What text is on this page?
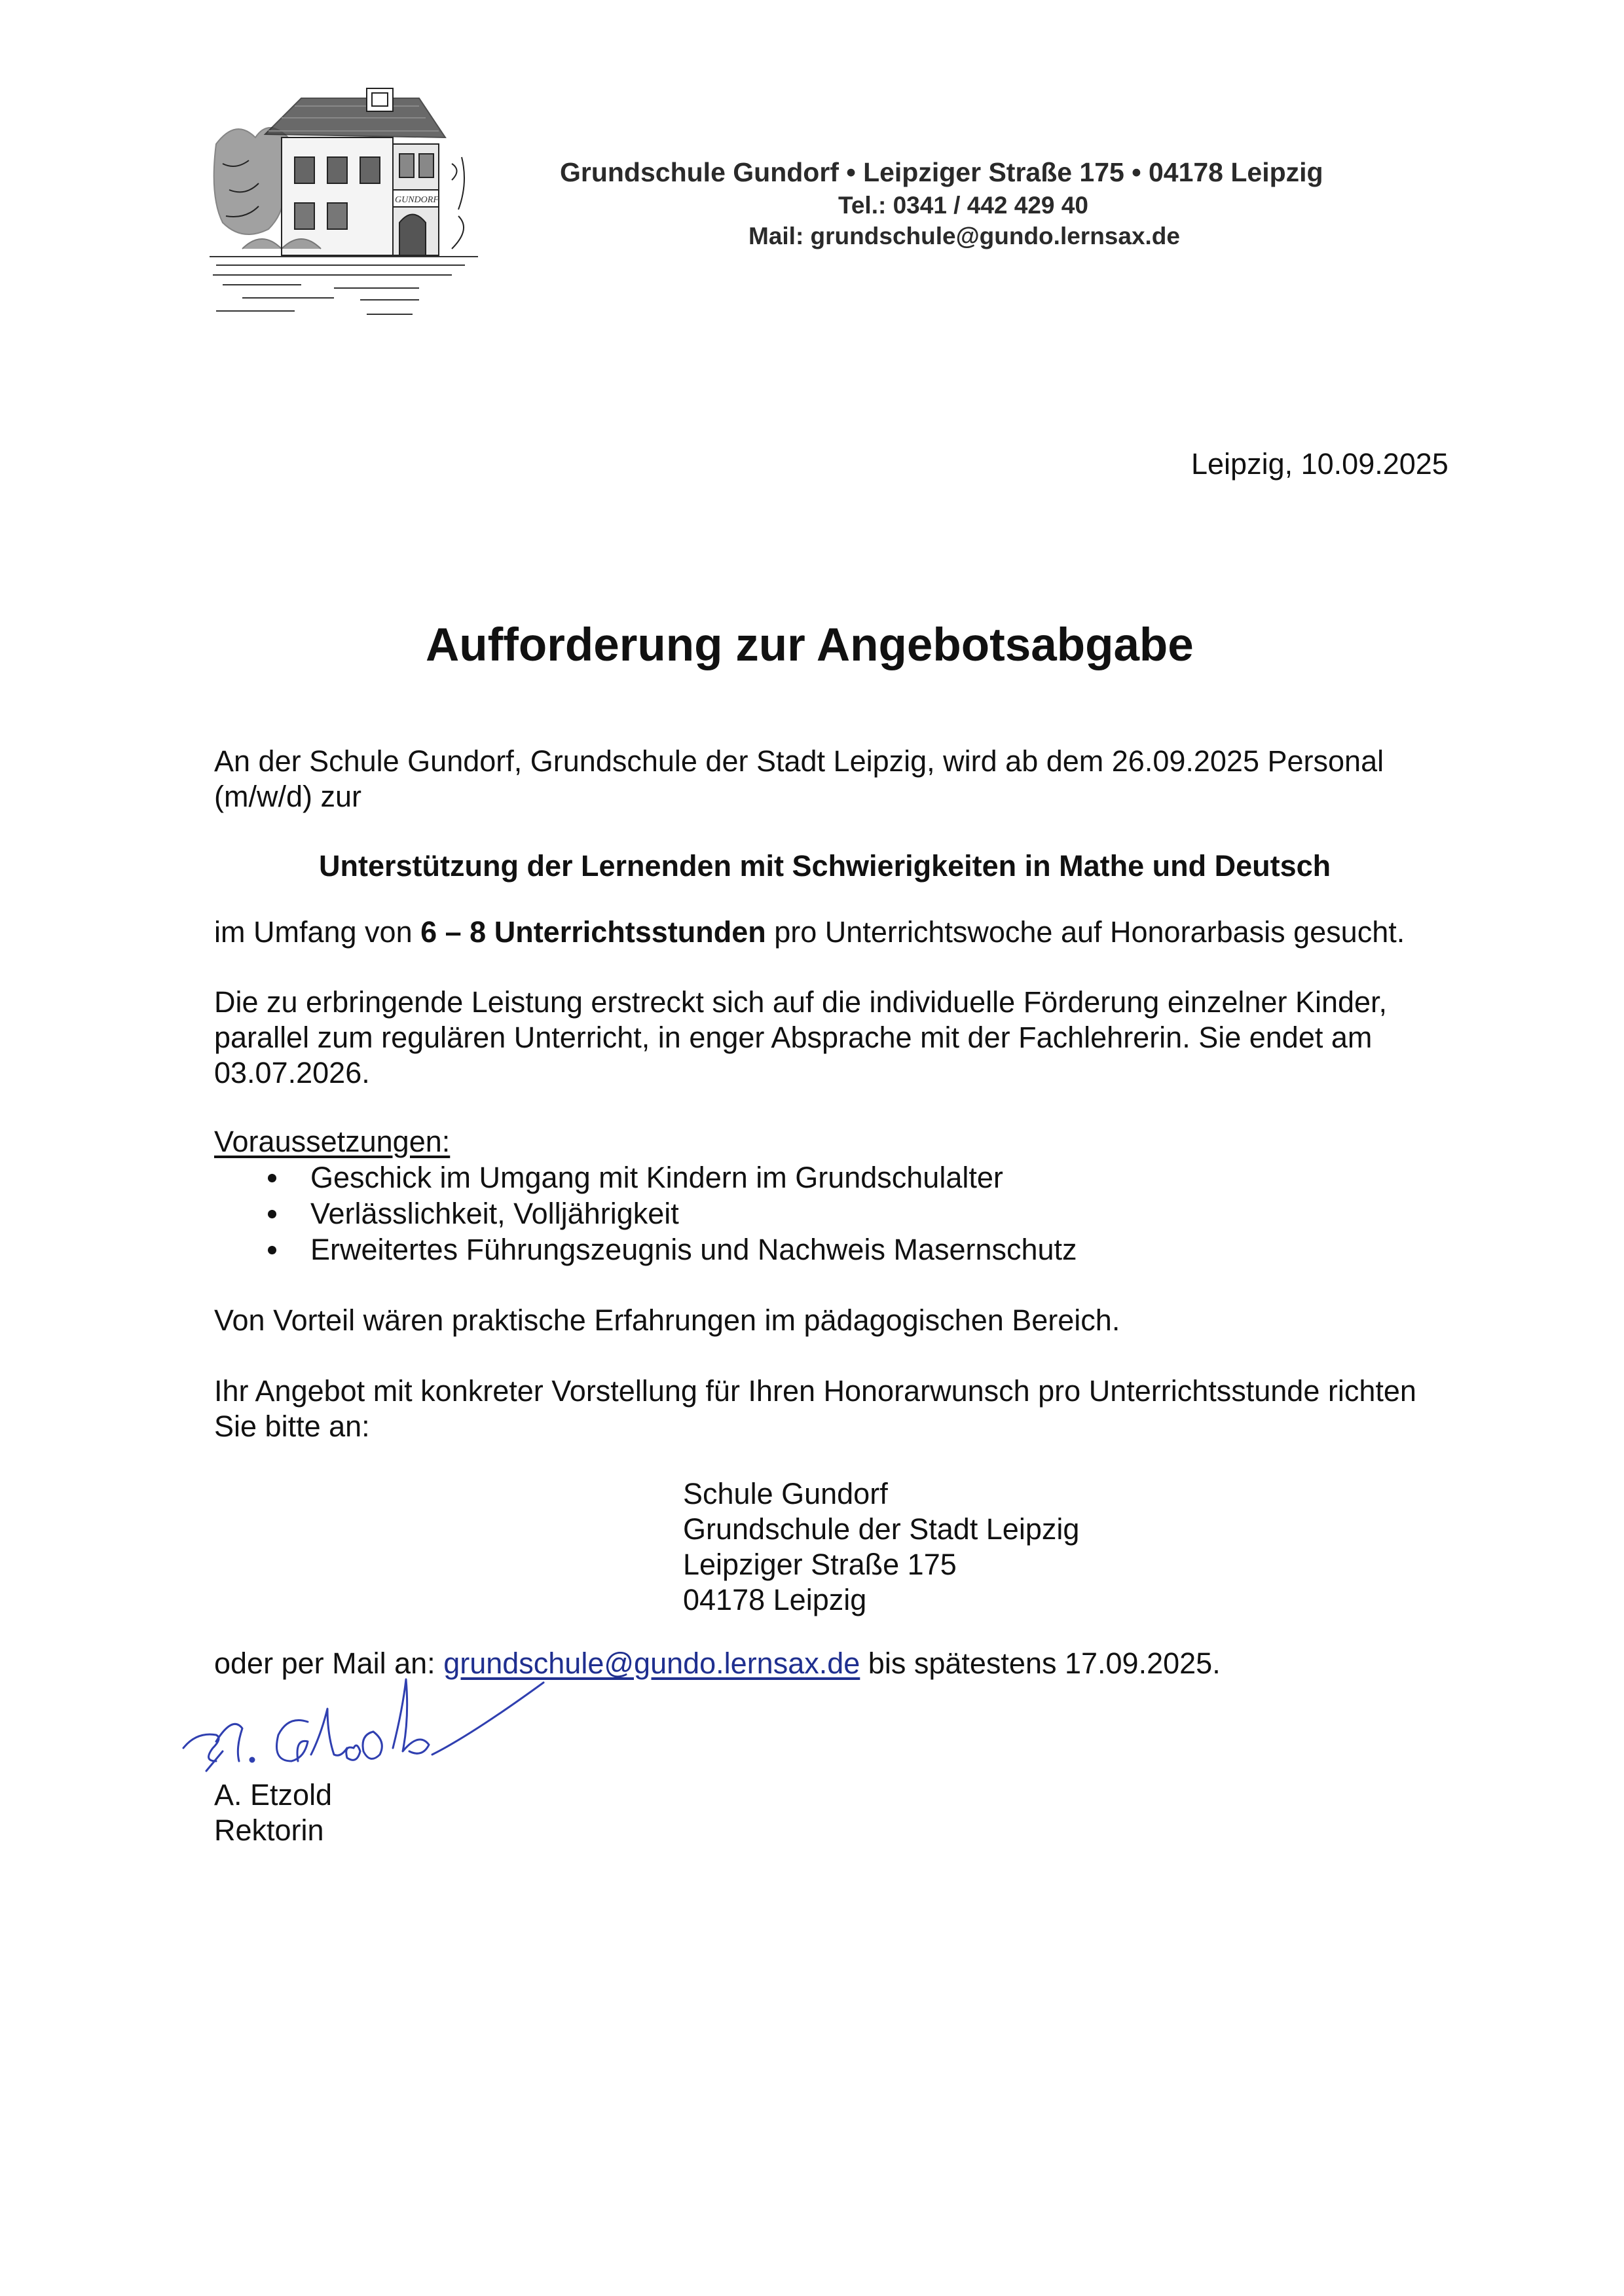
GUNDORF
Grundschule Gundorf • Leipziger Straße 175 • 04178 Leipzig
Tel.: 0341 / 442 429 40
Mail: grundschule@gundo.lernsax.de
Leipzig, 10.09.2025
Aufforderung zur Angebotsabgabe
An der Schule Gundorf, Grundschule der Stadt Leipzig, wird ab dem 26.09.2025 Personal
(m/w/d) zur
Unterstützung der Lernenden mit Schwierigkeiten in Mathe und Deutsch
im Umfang von 6 – 8 Unterrichtsstunden pro Unterrichtswoche auf Honorarbasis gesucht.
Die zu erbringende Leistung erstreckt sich auf die individuelle Förderung einzelner Kinder,
parallel zum regulären Unterricht, in enger Absprache mit der Fachlehrerin. Sie endet am
03.07.2026.
Voraussetzungen:
Geschick im Umgang mit Kindern im Grundschulalter
Verlässlichkeit, Volljährigkeit
Erweitertes Führungszeugnis und Nachweis Masernschutz
Von Vorteil wären praktische Erfahrungen im pädagogischen Bereich.
Ihr Angebot mit konkreter Vorstellung für Ihren Honorarwunsch pro Unterrichtsstunde richten
Sie bitte an:
Schule Gundorf
Grundschule der Stadt Leipzig
Leipziger Straße 175
04178 Leipzig
oder per Mail an: grundschule@gundo.lernsax.de bis spätestens 17.09.2025.
A. Etzold
Rektorin
